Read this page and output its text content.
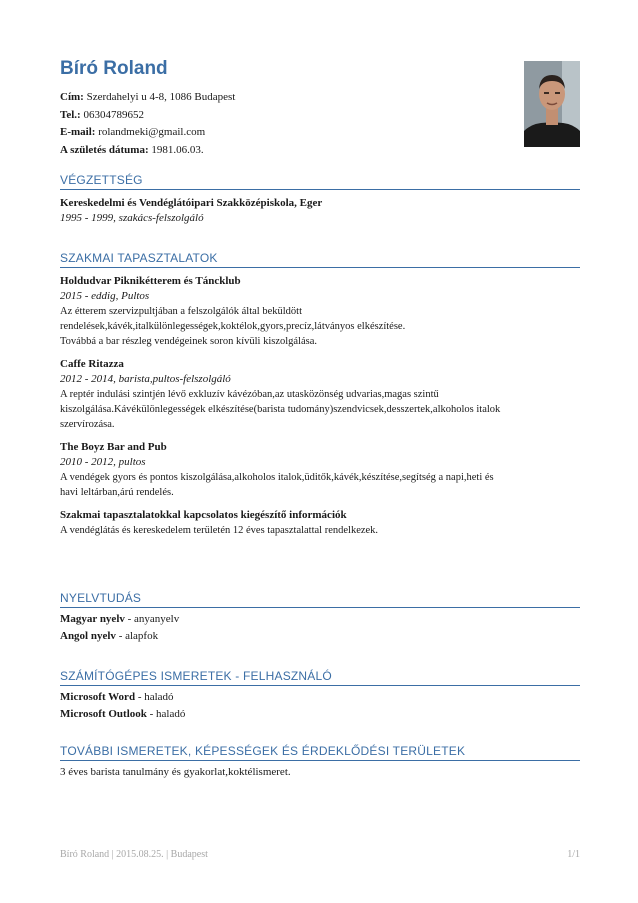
Bíró Roland
Cím: Szerdahelyi u 4-8, 1086 Budapest
Tel.: 06304789652
E-mail: rolandmeki@gmail.com
A születés dátuma: 1981.06.03.
VÉGZETTSÉG
Kereskedelmi és Vendéglátóipari Szakközépiskola, Eger
1995 - 1999, szakács-felszolgáló
SZAKMAI TAPASZTALATOK
Holdudvar Piknikétterem és Táncklub
2015 - eddig, Pultos
Az étterem szervizpultjában a felszolgálók által beküldött
rendelések,kávék,italkülönlegességek,koktélok,gyors,precíz,látványos elkészítése.
Továbbá a bar részleg vendégeinek soron kívüli kiszolgálása.
Caffe Ritazza
2012 - 2014, barista,pultos-felszolgáló
A reptér indulási szintjén lévő exkluzív kávézóban,az utasközönség udvarias,magas szintű
kiszolgálása.Kávékülönlegességek elkészítése(barista tudomány)szendvicsek,desszertek,alkoholos italok
szervírozása.
The Boyz Bar and Pub
2010 - 2012, pultos
A vendégek gyors és pontos kiszolgálása,alkoholos italok,üditők,kávék,készítése,segítség a napi,heti és
havi leltárban,árú rendelés.
Szakmai tapasztalatokkal kapcsolatos kiegészítő információk
A vendéglátás és kereskedelem területén 12 éves tapasztalattal rendelkezek.
NYELVTUDÁS
Magyar nyelv - anyanyelv
Angol nyelv - alapfok
SZÁMÍTÓGÉPES ISMERETEK - FELHASZNÁLÓ
Microsoft Word - haladó
Microsoft Outlook - haladó
TOVÁBBI ISMERETEK, KÉPESSÉGEK ÉS ÉRDEKLŐDÉSI TERÜLETEK
3 éves barista tanulmány és gyakorlat,koktélismeret.
Bíró Roland | 2015.08.25. | Budapest	1/1
